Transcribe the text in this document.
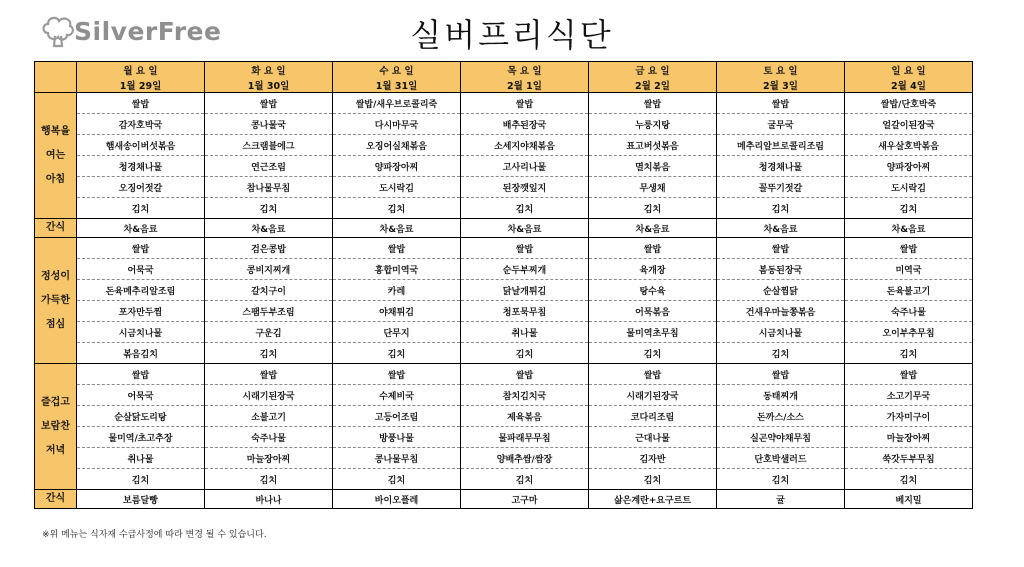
SilverFree	실버프리식단
	월 요 일	화 요 일	수 요 일	목 요 일	금 요 일	토 요 일	일 요 일
	1월 29일	1월 30일	1월 31일	2월 1일	2월 2일	2월 3일	2월 4일
행복을
여는
아침	쌀밥	쌀밥	쌀밥/새우브로콜리죽	쌀밥	쌀밥	쌀밥	쌀밥/단호박죽
	감자호박국	콩나물국	다시마무국	배추된장국	누룽지탕	굴무국	얼갈이된장국
	햄새송이버섯볶음	스크램블에그	오징어실채볶음	소세지야채볶음	표고버섯볶음	메추리알브로콜리조림	새우살호박볶음
	청경채나물	연근조림	양파장아찌	고사리나물	멸치볶음	청경채나물	양파장아찌
	오징어젓갈	참나물무침	도시락김	된장깻잎지	무생채	꼴뚜기젓갈	도시락김
	김치	김치	김치	김치	김치	김치	김치
간식	차&음료	차&음료	차&음료	차&음료	차&음료	차&음료	차&음료
정성이
가득한
점심	쌀밥	검은콩밥	쌀밥	쌀밥	쌀밥	쌀밥	쌀밥
	어묵국	콩비지찌개	홍합미역국	순두부찌개	육개장	봄동된장국	미역국
	돈육메추리알조림	갈치구이	카레	닭날개튀김	탕수육	순살찜닭	돈육불고기
	포자만두찜	스팸두부조림	야채튀김	청포묵무침	어묵볶음	건새우마늘쫑볶음	숙주나물
	시금치나물	구운김	단무지	취나물	물미역초무침	시금치나물	오이부추무침
	볶음김치	김치	김치	김치	김치	김치	김치
즐겁고
보람찬
저녁	쌀밥	쌀밥	쌀밥	쌀밥	쌀밥	쌀밥	쌀밥
	어묵국	시래기된장국	수제비국	참치김치국	시래기된장국	동태찌개	소고기무국
	순살닭도리탕	소불고기	고등어조림	제육볶음	코다리조림	돈까스/소스	가자미구이
	물미역/초고추장	숙주나물	방풍나물	물파래무무침	근대나물	실곤약야채무침	마늘장아찌
	취나물	마늘장아찌	콩나물무침	양배추쌈/쌈장	김자반	단호박샐러드	쑥갓두부무침
	김치	김치	김치	김치	김치	김치	김치
간식	보름달빵	바나나	바이오플레	고구마	삶은계란+요구르트	귤	베지밀
※위 메뉴는 식자재 수급사정에 따라 변경 될 수 있습니다.
